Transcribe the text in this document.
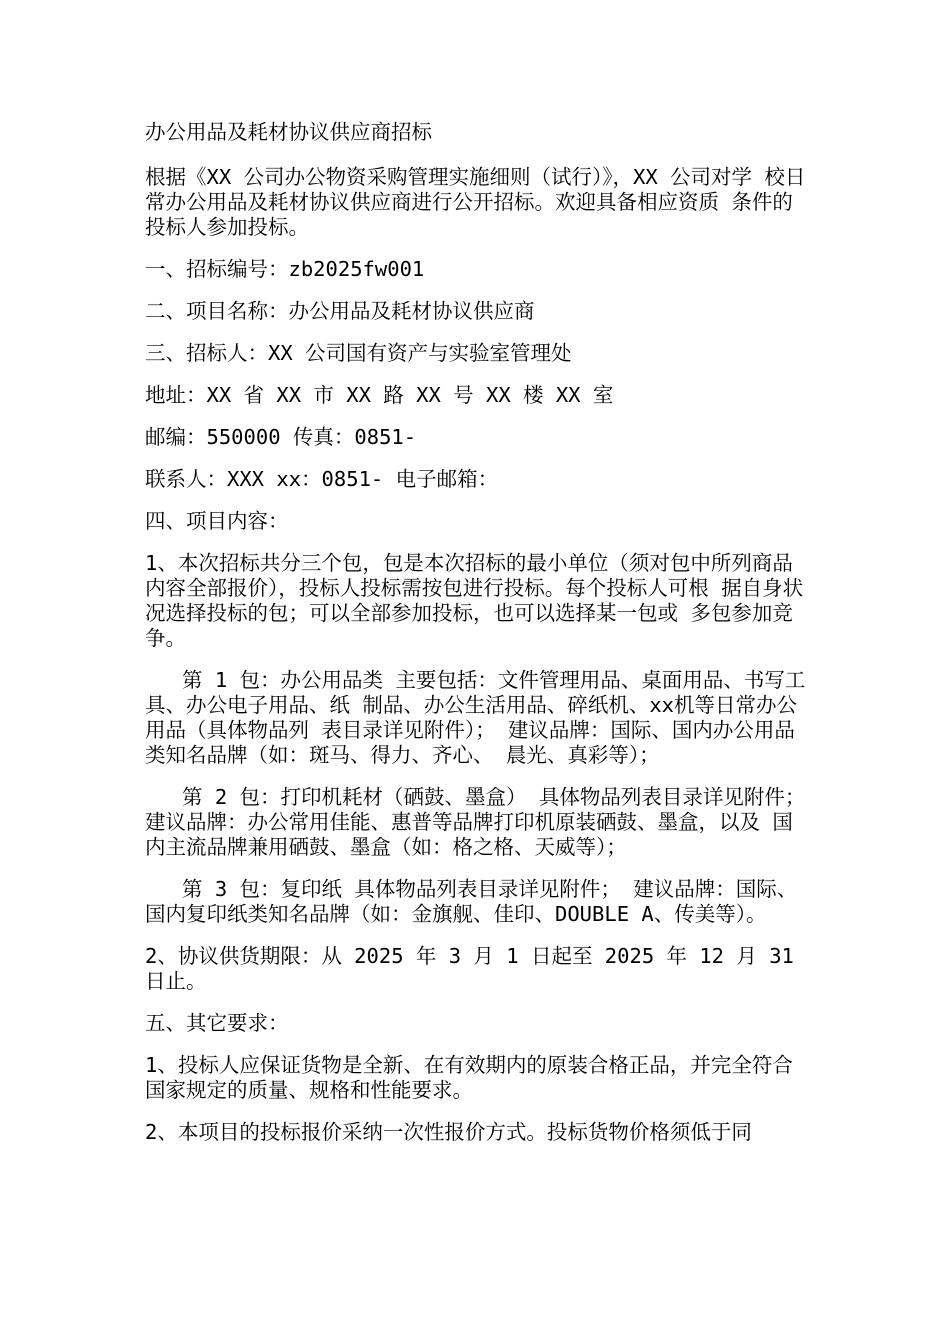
办公用品及耗材协议供应商招标

根据《XX 公司办公物资采购管理实施细则（试行）》，XX 公司对学 校日常办公用品及耗材协议供应商进行公开招标。欢迎具备相应资质 条件的投标人参加投标。

一、招标编号：zb2025fw001

二、项目名称：办公用品及耗材协议供应商

三、招标人：XX 公司国有资产与实验室管理处

地址：XX 省 XX 市 XX 路 XX 号 XX 楼 XX 室

邮编：550000 传真：0851-

联系人：XXX xx：0851- 电子邮箱：

四、项目内容：

1、本次招标共分三个包，包是本次招标的最小单位（须对包中所列商品内容全部报价），投标人投标需按包进行投标。每个投标人可根 据自身状况选择投标的包；可以全部参加投标，也可以选择某一包或 多包参加竞争。

第 1 包：办公用品类 主要包括：文件管理用品、桌面用品、书写工具、办公电子用品、纸 制品、办公生活用品、碎纸机、xx机等日常办公用品（具体物品列 表目录详见附件）； 建议品牌：国际、国内办公用品类知名品牌（如：斑马、得力、齐心、 晨光、真彩等）；

第 2 包：打印机耗材（硒鼓、墨盒） 具体物品列表目录详见附件； 建议品牌：办公常用佳能、惠普等品牌打印机原装硒鼓、墨盒，以及 国内主流品牌兼用硒鼓、墨盒（如：格之格、天威等）；

第 3 包：复印纸 具体物品列表目录详见附件； 建议品牌：国际、国内复印纸类知名品牌（如：金旗舰、佳印、DOUBLE A、传美等）。

2、协议供货期限：从 2025 年 3 月 1 日起至 2025 年 12 月 31 日止。

五、其它要求：

1、投标人应保证货物是全新、在有效期内的原装合格正品，并完全符合国家规定的质量、规格和性能要求。

2、本项目的投标报价采纳一次性报价方式。投标货物价格须低于同
